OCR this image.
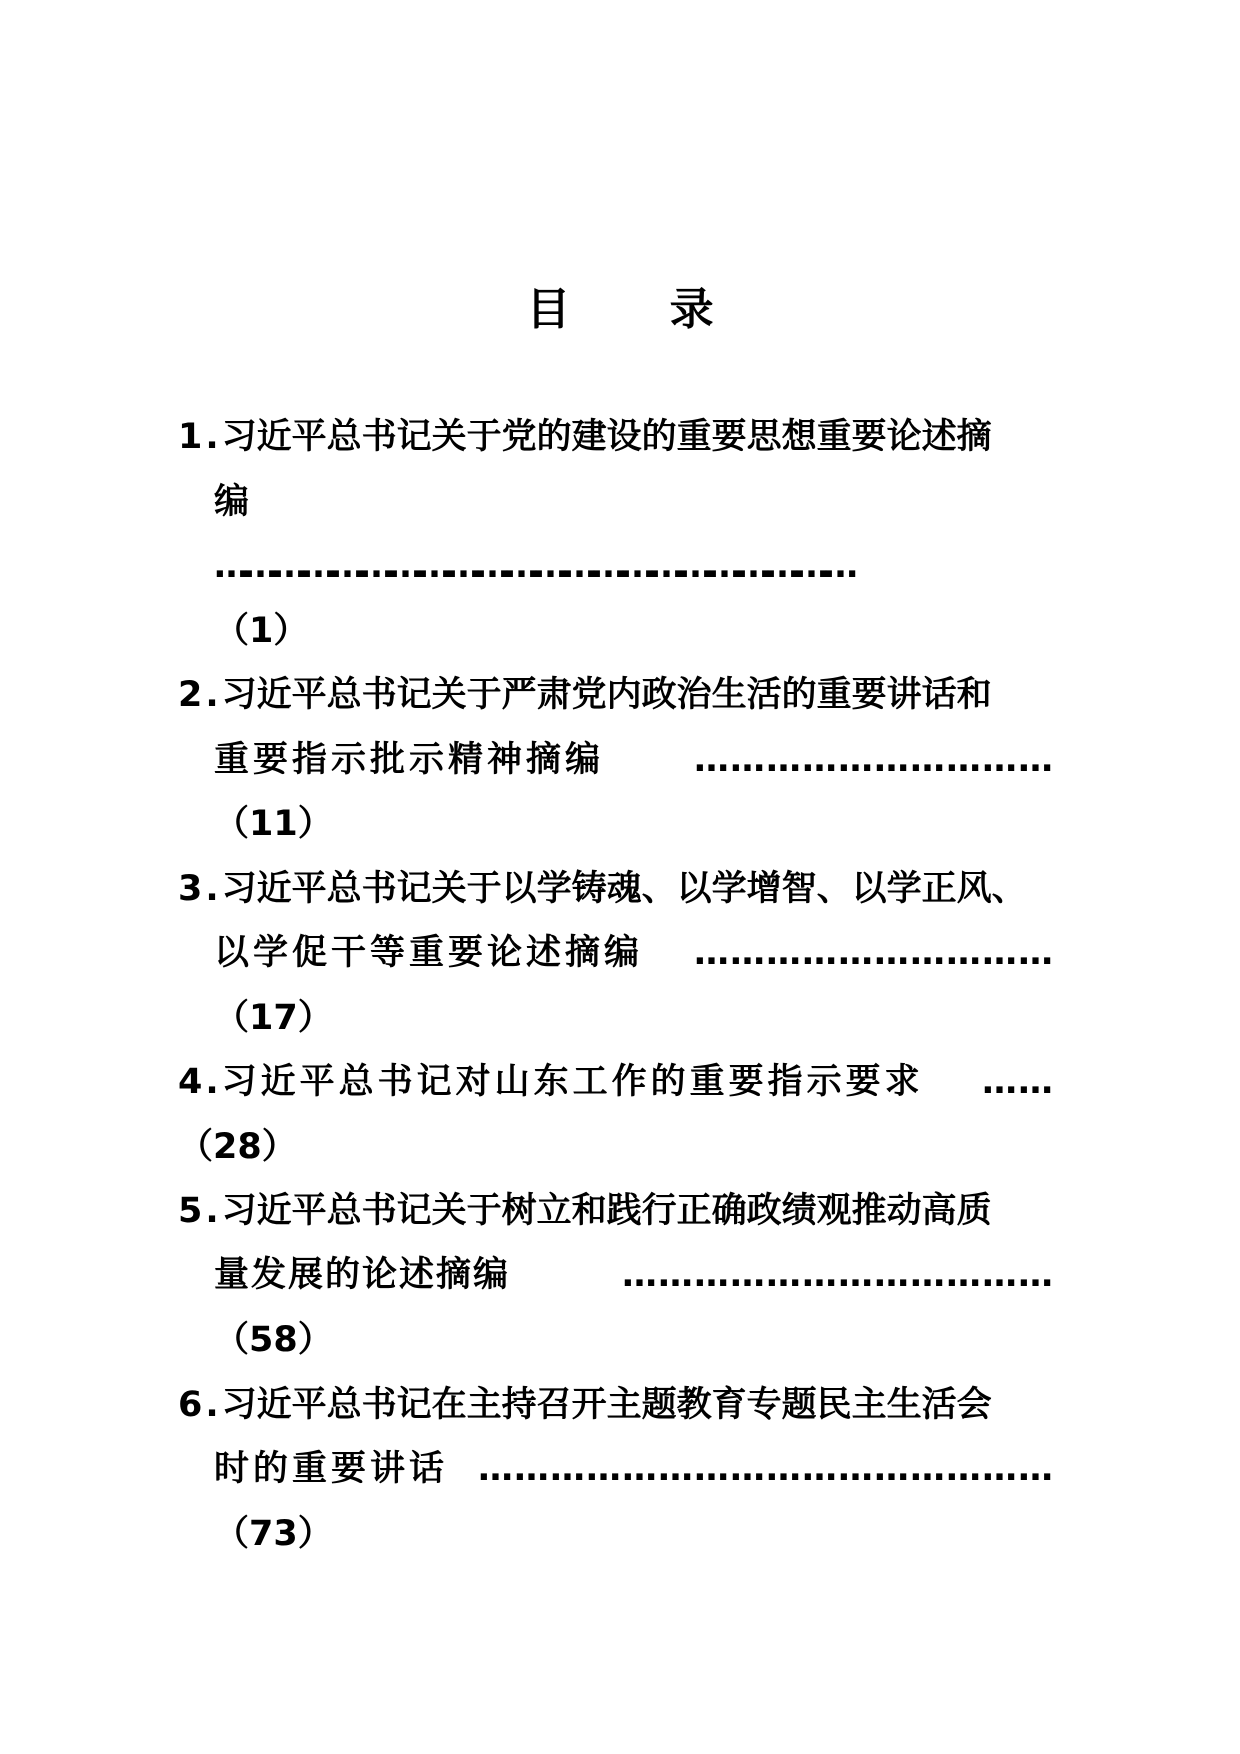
目 录
1.习近平总书记关于党的建设的重要思想重要论述摘
编
…………………………………………………………
（1）
2.习近平总书记关于严肃党内政治生活的重要讲话和
重要指示批示精神摘编	…………………………
（11）
3.习近平总书记关于以学铸魂、以学增智、以学正风、
以学促干等重要论述摘编 …………………………
（17）
4.习近平总书记对山东工作的重要指示要求 ……
（28）
5.习近平总书记关于树立和践行正确政绩观推动高质
量发展的论述摘编	………………………………
（58）
6.习近平总书记在主持召开主题教育专题民主生活会
时的重要讲话 …………………………………………
（73）
